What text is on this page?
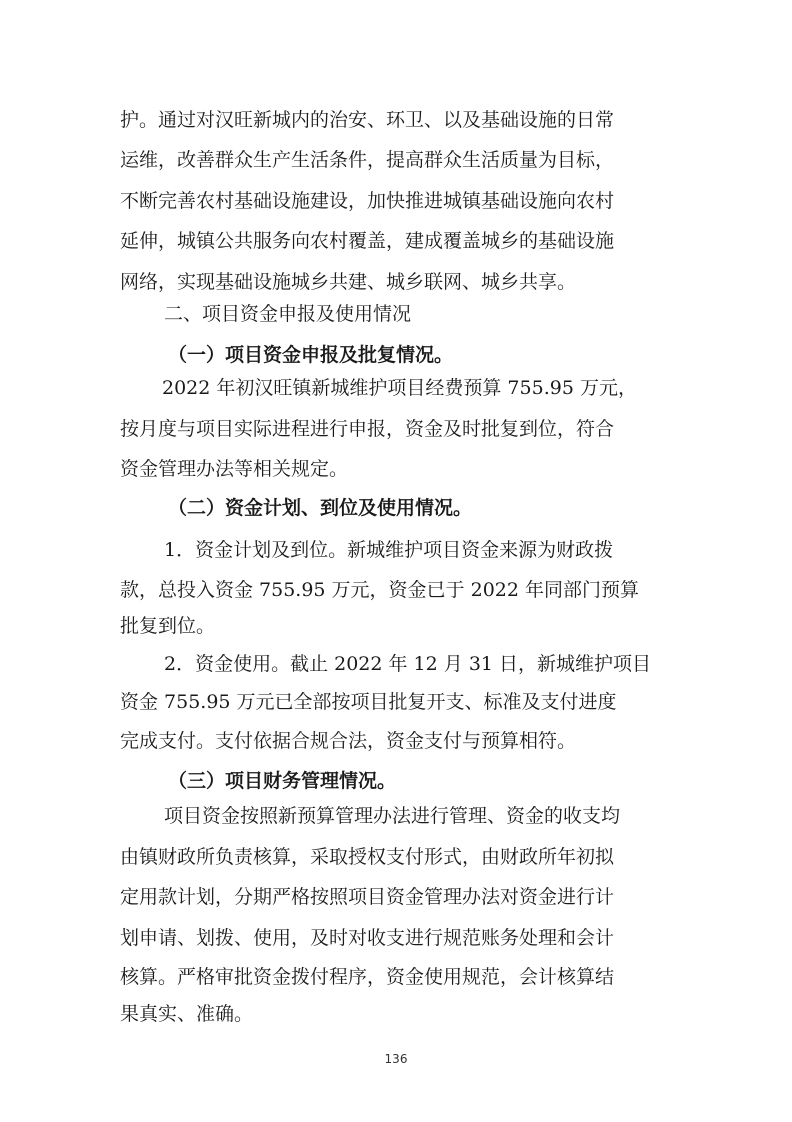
护。通过对汉旺新城内的治安、环卫、以及基础设施的日常
运维，改善群众生产生活条件，提高群众生活质量为目标，
不断完善农村基础设施建设，加快推进城镇基础设施向农村
延伸，城镇公共服务向农村覆盖，建成覆盖城乡的基础设施
网络，实现基础设施城乡共建、城乡联网、城乡共享。
二、项目资金申报及使用情况
（一）项目资金申报及批复情况。
2022 年初汉旺镇新城维护项目经费预算 755.95 万元，
按月度与项目实际进程进行申报，资金及时批复到位，符合
资金管理办法等相关规定。
（二）资金计划、到位及使用情况。
1．资金计划及到位。新城维护项目资金来源为财政拨
款，总投入资金 755.95 万元，资金已于 2022 年同部门预算
批复到位。
2．资金使用。截止 2022 年 12 月 31 日，新城维护项目
资金 755.95 万元已全部按项目批复开支、标准及支付进度
完成支付。支付依据合规合法，资金支付与预算相符。
（三）项目财务管理情况。
项目资金按照新预算管理办法进行管理、资金的收支均
由镇财政所负责核算，采取授权支付形式，由财政所年初拟
定用款计划，分期严格按照项目资金管理办法对资金进行计
划申请、划拨、使用，及时对收支进行规范账务处理和会计
核算。严格审批资金拨付程序，资金使用规范，会计核算结
果真实、准确。
136
